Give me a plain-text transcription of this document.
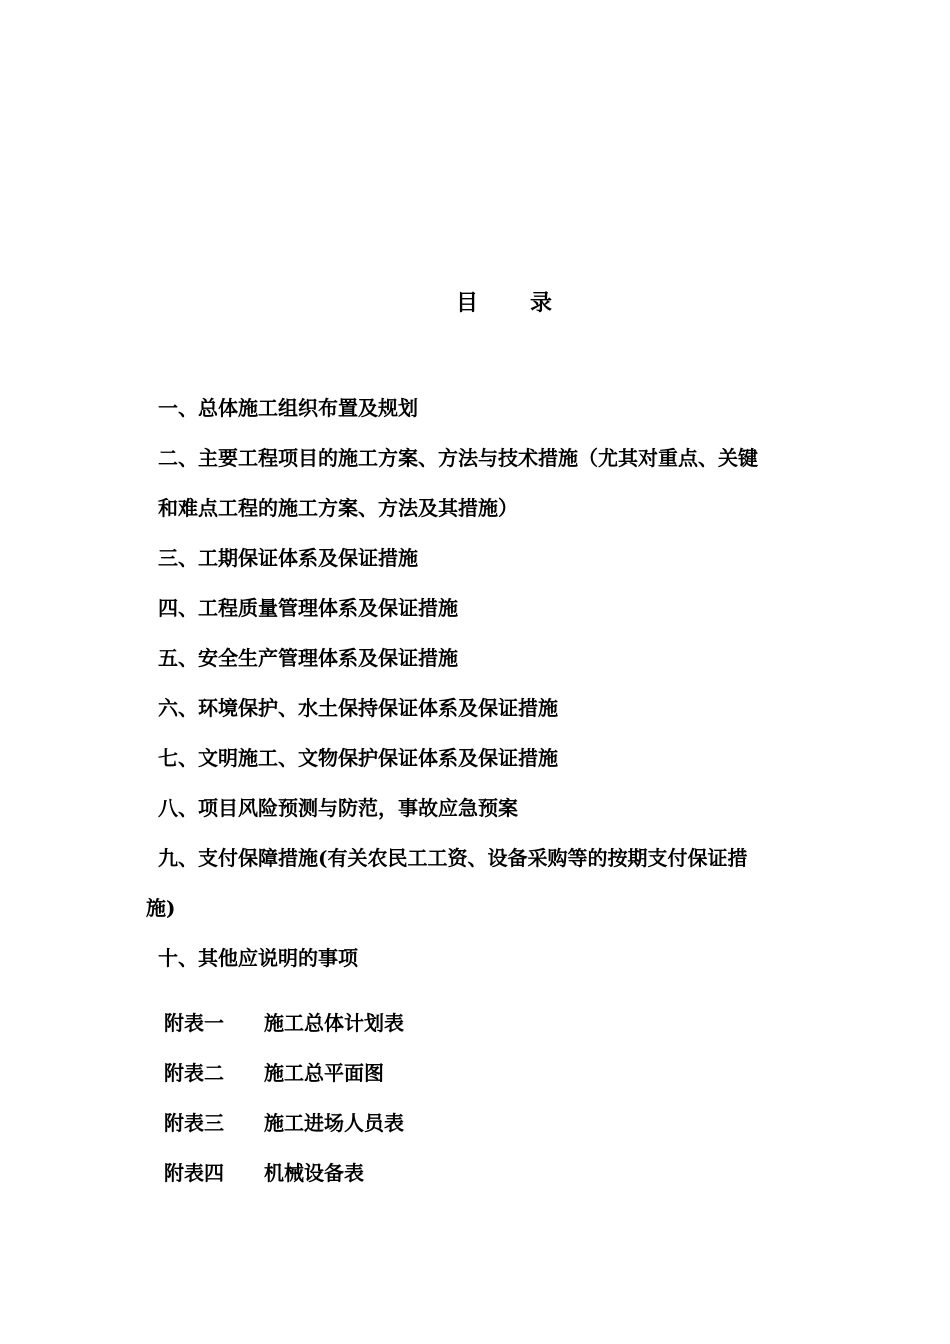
目 录
一、总体施工组织布置及规划
二、主要工程项目的施工方案、方法与技术措施（尤其对重点、关键
和难点工程的施工方案、方法及其措施）
三、工期保证体系及保证措施
四、工程质量管理体系及保证措施
五、安全生产管理体系及保证措施
六、环境保护、水土保持保证体系及保证措施
七、文明施工、文物保护保证体系及保证措施
八、项目风险预测与防范，事故应急预案
九、支付保障措施(有关农民工工资、设备采购等的按期支付保证措
施)
十、其他应说明的事项
附表一 施工总体计划表
附表二 施工总平面图
附表三 施工进场人员表
附表四 机械设备表
